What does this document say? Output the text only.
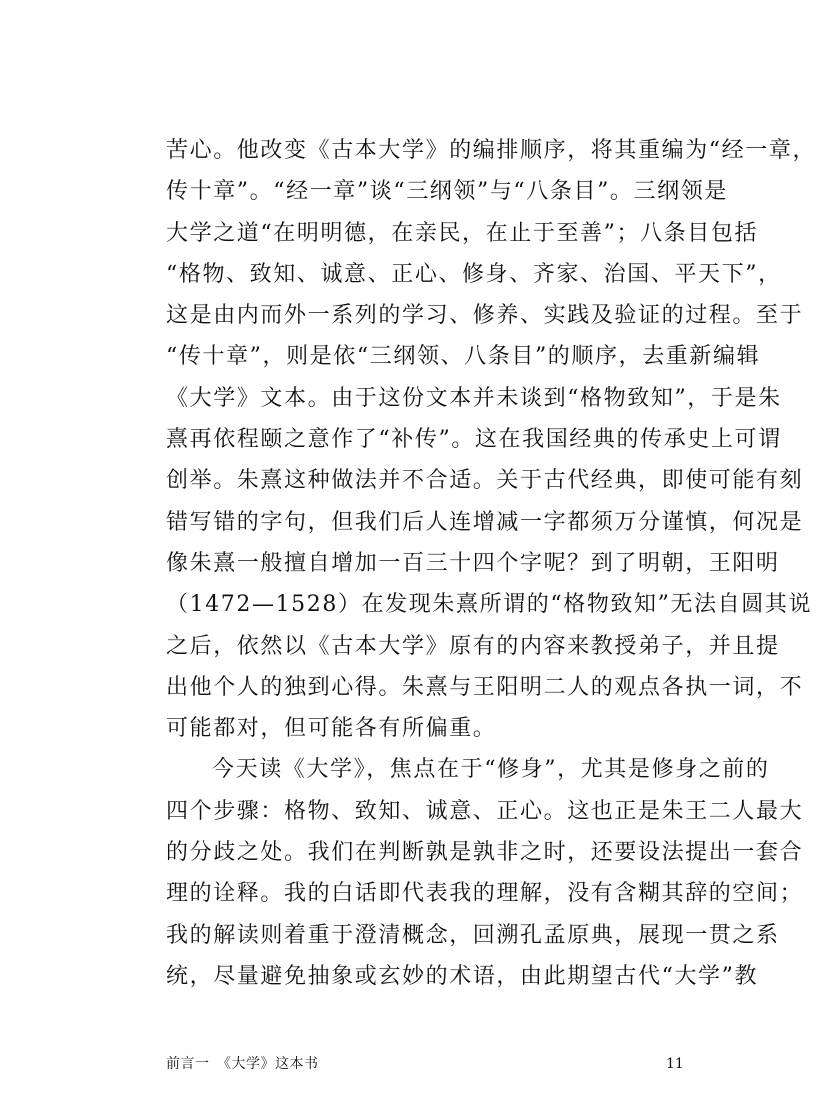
苦心。他改变《古本大学》的编排顺序，将其重编为“经一章，
传十章”。“经一章”谈“三纲领”与“八条目”。三纲领是
大学之道“在明明德，在亲民，在止于至善”；八条目包括
“格物、致知、诚意、正心、修身、齐家、治国、平天下”，
这是由内而外一系列的学习、修养、实践及验证的过程。至于
“传十章”，则是依“三纲领、八条目”的顺序，去重新编辑
《大学》文本。由于这份文本并未谈到“格物致知”，于是朱
熹再依程颐之意作了“补传”。这在我国经典的传承史上可谓
创举。朱熹这种做法并不合适。关于古代经典，即使可能有刻
错写错的字句，但我们后人连增减一字都须万分谨慎，何况是
像朱熹一般擅自增加一百三十四个字呢？到了明朝，王阳明
（1472—1528）在发现朱熹所谓的“格物致知”无法自圆其说
之后，依然以《古本大学》原有的内容来教授弟子，并且提
出他个人的独到心得。朱熹与王阳明二人的观点各执一词，不
可能都对，但可能各有所偏重。
今天读《大学》，焦点在于“修身”，尤其是修身之前的
四个步骤：格物、致知、诚意、正心。这也正是朱王二人最大
的分歧之处。我们在判断孰是孰非之时，还要设法提出一套合
理的诠释。我的白话即代表我的理解，没有含糊其辞的空间；
我的解读则着重于澄清概念，回溯孔孟原典，展现一贯之系
统，尽量避免抽象或玄妙的术语，由此期望古代“大学”教
前言一　《大学》这本书	11
